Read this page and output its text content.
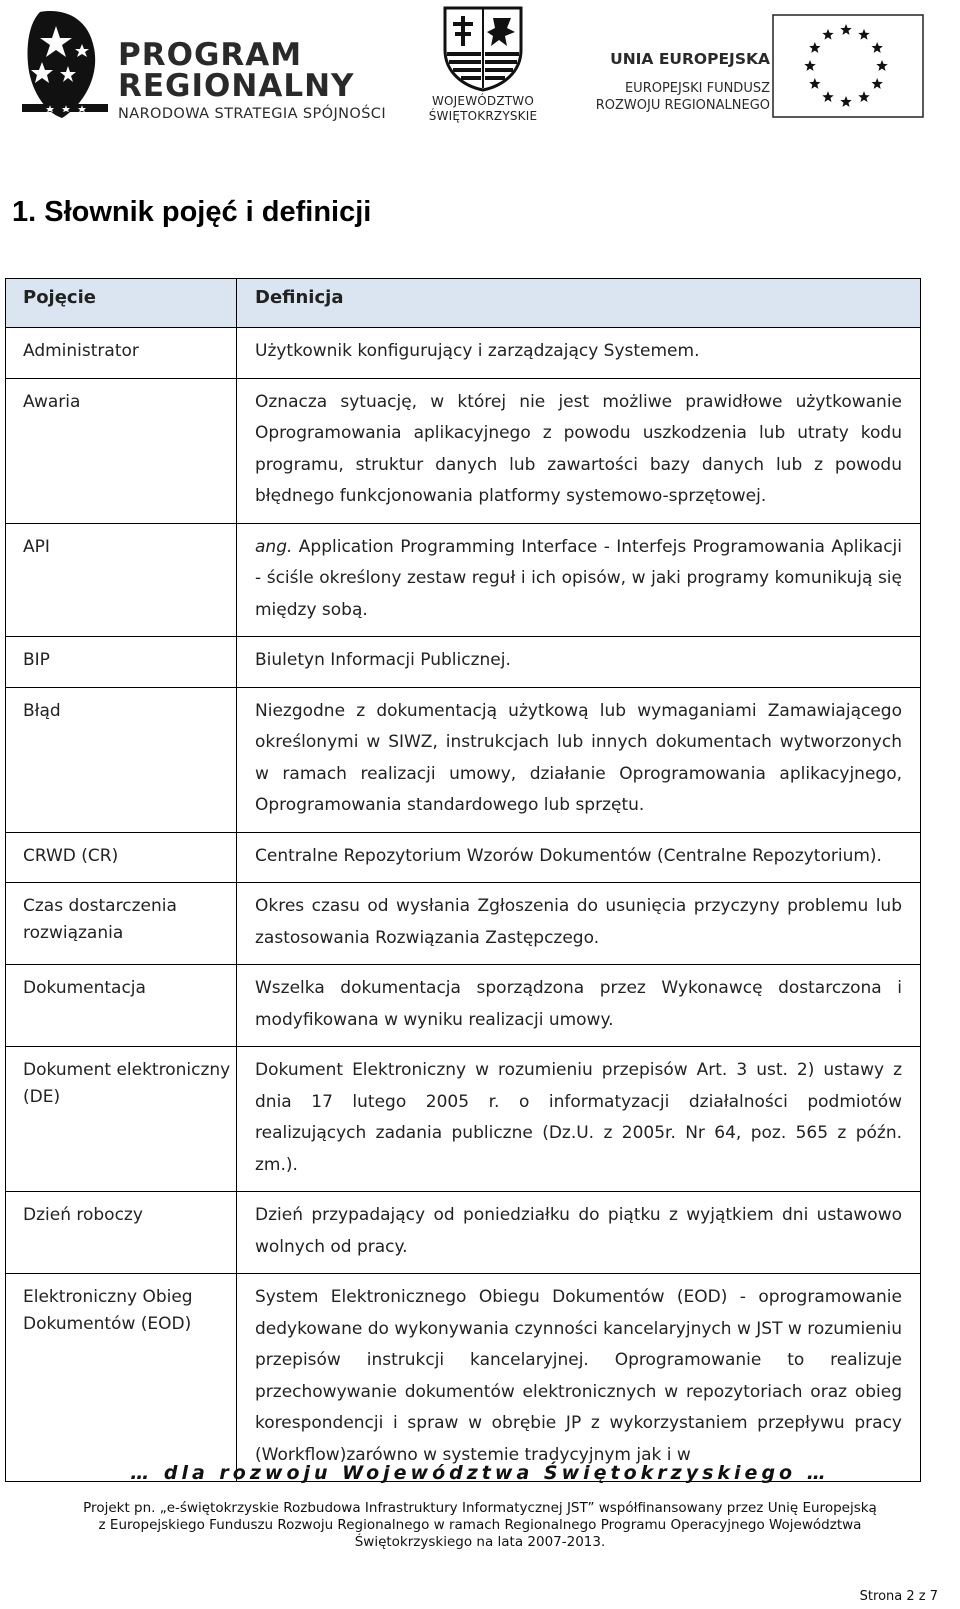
PROGRAM
REGIONALNY
NARODOWA STRATEGIA SPÓJNOŚCI
WOJEWÓDZTWO
ŚWIĘTOKRZYSKIE
UNIA EUROPEJSKA
EUROPEJSKI FUNDUSZ
ROZWOJU REGIONALNEGO
1. Słownik pojęć i definicji
Pojęcie	Definicja

Administrator	Użytkownik konfigurujący i zarządzający Systemem.

Awaria	Oznacza sytuację, w której nie jest możliwe prawidłowe użytkowanie Oprogramowania aplikacyjnego z powodu uszkodzenia lub utraty kodu programu, struktur danych lub zawartości bazy danych lub z powodu błędnego funkcjonowania platformy systemowo-sprzętowej.

API	ang. Application Programming Interface - Interfejs Programowania Aplikacji - ściśle określony zestaw reguł i ich opisów, w jaki programy komunikują się między sobą.

BIP	Biuletyn Informacji Publicznej.

Błąd	Niezgodne z dokumentacją użytkową lub wymaganiami Zamawiającego określonymi w SIWZ, instrukcjach lub innych dokumentach wytworzonych w ramach realizacji umowy, działanie Oprogramowania aplikacyjnego, Oprogramowania standardowego lub sprzętu.

CRWD (CR)	Centralne Repozytorium Wzorów Dokumentów (Centralne Repozytorium).

Czas dostarczenia rozwiązania	Okres czasu od wysłania Zgłoszenia do usunięcia przyczyny problemu lub zastosowania Rozwiązania Zastępczego.

Dokumentacja	Wszelka dokumentacja sporządzona przez Wykonawcę dostarczona i modyfikowana w wyniku realizacji umowy.

Dokument elektroniczny (DE)	Dokument Elektroniczny w rozumieniu przepisów Art. 3 ust. 2) ustawy z dnia 17 lutego 2005 r. o informatyzacji działalności podmiotów realizujących zadania publiczne (Dz.U. z 2005r. Nr 64, poz. 565 z późn. zm.).

Dzień roboczy	Dzień przypadający od poniedziałku do piątku z wyjątkiem dni ustawowo wolnych od pracy.

Elektroniczny Obieg Dokumentów (EOD)	System Elektronicznego Obiegu Dokumentów (EOD) - oprogramowanie dedykowane do wykonywania czynności kancelaryjnych w JST w rozumieniu przepisów instrukcji kancelaryjnej. Oprogramowanie to realizuje przechowywanie dokumentów elektronicznych w repozytoriach oraz obieg korespondencji i spraw w obrębie JP z wykorzystaniem przepływu pracy (Workflow)zarówno w systemie tradycyjnym jak i w
… dla rozwoju Województwa Świętokrzyskiego …
Projekt pn. „e-świętokrzyskie Rozbudowa Infrastruktury Informatycznej JST” współfinansowany przez Unię Europejską
z Europejskiego Funduszu Rozwoju Regionalnego w ramach Regionalnego Programu Operacyjnego Województwa
Świętokrzyskiego na lata 2007-2013.
Strona 2 z 7
